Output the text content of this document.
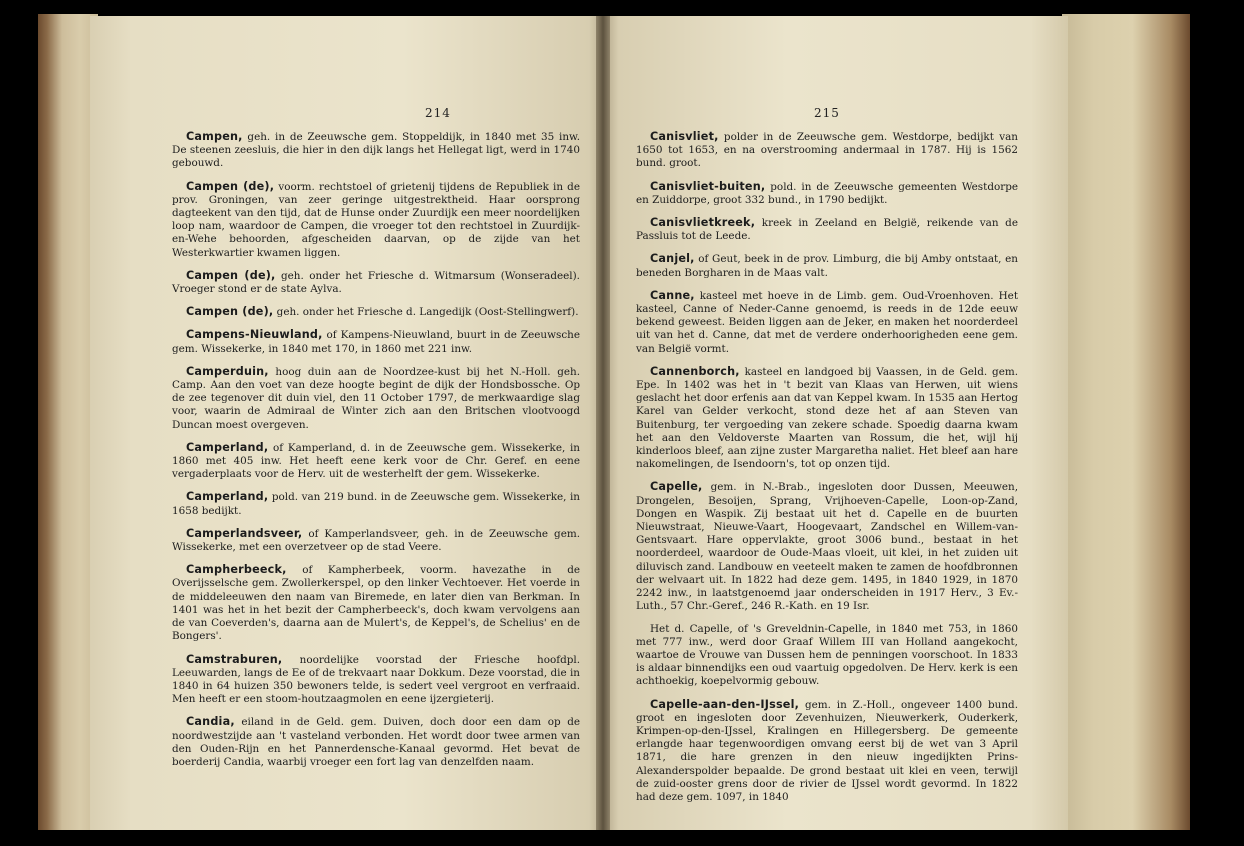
214

Campen, geh. in de Zeeuwsche gem. Stoppeldijk, in 1840 met 35 inw. De steenen zeesluis, die hier in den dijk langs het Hellegat ligt, werd in 1740 gebouwd.

Campen (de), voorm. rechtstoel of grietenij tijdens de Republiek in de prov. Groningen, van zeer geringe uitgestrektheid. Haar oorsprong dagteekent van den tijd, dat de Hunse onder Zuurdijk een meer noordelijken loop nam, waardoor de Campen, die vroeger tot den rechtstoel in Zuurdijk-en-Wehe behoorden, afgescheiden daarvan, op de zijde van het Westerkwartier kwamen liggen.

Campen (de), geh. onder het Friesche d. Witmarsum (Wonseradeel). Vroeger stond er de state Aylva.

Campen (de), geh. onder het Friesche d. Langedijk (Oost-Stellingwerf).

Campens-Nieuwland, of Kampens-Nieuwland, buurt in de Zeeuwsche gem. Wissekerke, in 1840 met 170, in 1860 met 221 inw.

Camperduin, hoog duin aan de Noordzee-kust bij het N.-Holl. geh. Camp. Aan den voet van deze hoogte begint de dijk der Hondsbossche. Op de zee tegenover dit duin viel, den 11 October 1797, de merkwaardige slag voor, waarin de Admiraal de Winter zich aan den Britschen vlootvoogd Duncan moest overgeven.

Camperland, of Kamperland, d. in de Zeeuwsche gem. Wissekerke, in 1860 met 405 inw. Het heeft eene kerk voor de Chr. Geref. en eene vergaderplaats voor de Herv. uit de westerhelft der gem. Wissekerke.

Camperland, pold. van 219 bund. in de Zeeuwsche gem. Wissekerke, in 1658 bedijkt.

Camperlandsveer, of Kamperlandsveer, geh. in de Zeeuwsche gem. Wissekerke, met een overzetveer op de stad Veere.

Campherbeeck, of Kampherbeek, voorm. havezathe in de Overijsselsche gem. Zwollerkerspel, op den linker Vechtoever. Het voerde in de middeleeuwen den naam van Biremede, en later dien van Berkman. In 1401 was het in het bezit der Campherbeeck's, doch kwam vervolgens aan de van Coeverden's, daarna aan de Mulert's, de Keppel's, de Schelius' en de Bongers'.

Camstraburen, noordelijke voorstad der Friesche hoofdpl. Leeuwarden, langs de Ee of de trekvaart naar Dokkum. Deze voorstad, die in 1840 in 64 huizen 350 bewoners telde, is sedert veel vergroot en verfraaid. Men heeft er een stoom-houtzaagmolen en eene ijzergieterij.

Candia, eiland in de Geld. gem. Duiven, doch door een dam op de noordwestzijde aan 't vasteland verbonden. Het wordt door twee armen van den Ouden-Rijn en het Pannerdensche-Kanaal gevormd. Het bevat de boerderij Candia, waarbij vroeger een fort lag van denzelfden naam.

215

Canisvliet, polder in de Zeeuwsche gem. Westdorpe, bedijkt van 1650 tot 1653, en na overstrooming andermaal in 1787. Hij is 1562 bund. groot.

Canisvliet-buiten, pold. in de Zeeuwsche gemeenten Westdorpe en Zuiddorpe, groot 332 bund., in 1790 bedijkt.

Canisvlietkreek, kreek in Zeeland en België, reikende van de Passluis tot de Leede.

Canjel, of Geut, beek in de prov. Limburg, die bij Amby ontstaat, en beneden Borgharen in de Maas valt.

Canne, kasteel met hoeve in de Limb. gem. Oud-Vroenhoven. Het kasteel, Canne of Neder-Canne genoemd, is reeds in de 12de eeuw bekend geweest. Beiden liggen aan de Jeker, en maken het noorderdeel uit van het d. Canne, dat met de verdere onderhoorigheden eene gem. van België vormt.

Cannenborch, kasteel en landgoed bij Vaassen, in de Geld. gem. Epe. In 1402 was het in 't bezit van Klaas van Herwen, uit wiens geslacht het door erfenis aan dat van Keppel kwam. In 1535 aan Hertog Karel van Gelder verkocht, stond deze het af aan Steven van Buitenburg, ter vergoeding van zekere schade. Spoedig daarna kwam het aan den Veldoverste Maarten van Rossum, die het, wijl hij kinderloos bleef, aan zijne zuster Margaretha naliet. Het bleef aan hare nakomelingen, de Isendoorn's, tot op onzen tijd.

Capelle, gem. in N.-Brab., ingesloten door Dussen, Meeuwen, Drongelen, Besoijen, Sprang, Vrijhoeven-Capelle, Loon-op-Zand, Dongen en Waspik. Zij bestaat uit het d. Capelle en de buurten Nieuwstraat, Nieuwe-Vaart, Hoogevaart, Zandschel en Willem-van-Gentsvaart. Hare oppervlakte, groot 3006 bund., bestaat in het noorderdeel, waardoor de Oude-Maas vloeit, uit klei, in het zuiden uit diluvisch zand. Landbouw en veeteelt maken te zamen de hoofdbronnen der welvaart uit. In 1822 had deze gem. 1495, in 1840 1929, in 1870 2242 inw., in laatstgenoemd jaar onderscheiden in 1917 Herv., 3 Ev.-Luth., 57 Chr.-Geref., 246 R.-Kath. en 19 Isr.

Het d. Capelle, of 's Greveldnin-Capelle, in 1840 met 753, in 1860 met 777 inw., werd door Graaf Willem III van Holland aangekocht, waartoe de Vrouwe van Dussen hem de penningen voorschoot. In 1833 is aldaar binnendijks een oud vaartuig opgedolven. De Herv. kerk is een achthoekig, koepelvormig gebouw.

Capelle-aan-den-IJssel, gem. in Z.-Holl., ongeveer 1400 bund. groot en ingesloten door Zevenhuizen, Nieuwerkerk, Ouderkerk, Krimpen-op-den-IJssel, Kralingen en Hillegersberg. De gemeente erlangde haar tegenwoordigen omvang eerst bij de wet van 3 April 1871, die hare grenzen in den nieuw ingedijkten Prins-Alexanderspolder bepaalde. De grond bestaat uit klei en veen, terwijl de zuid-ooster grens door de rivier de IJssel wordt gevormd. In 1822 had deze gem. 1097, in 1840
